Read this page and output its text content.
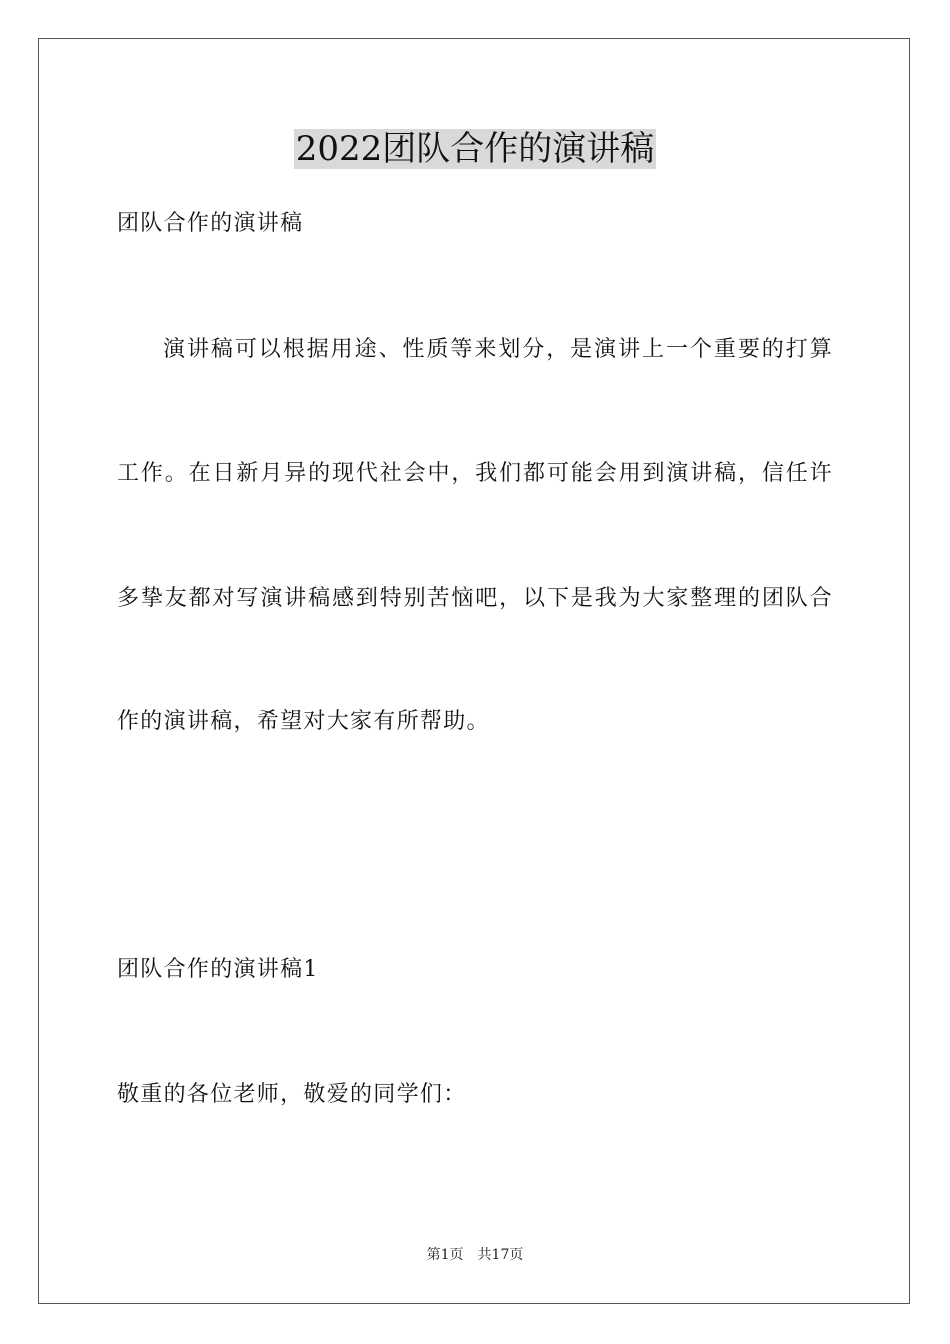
2022团队合作的演讲稿
团队合作的演讲稿
演讲稿可以根据用途、性质等来划分，是演讲上一个重要的打算
工作。在日新月异的现代社会中，我们都可能会用到演讲稿，信任许
多挚友都对写演讲稿感到特别苦恼吧，以下是我为大家整理的团队合
作的演讲稿，希望对大家有所帮助。
团队合作的演讲稿1
敬重的各位老师，敬爱的同学们：
第1页 共17页
